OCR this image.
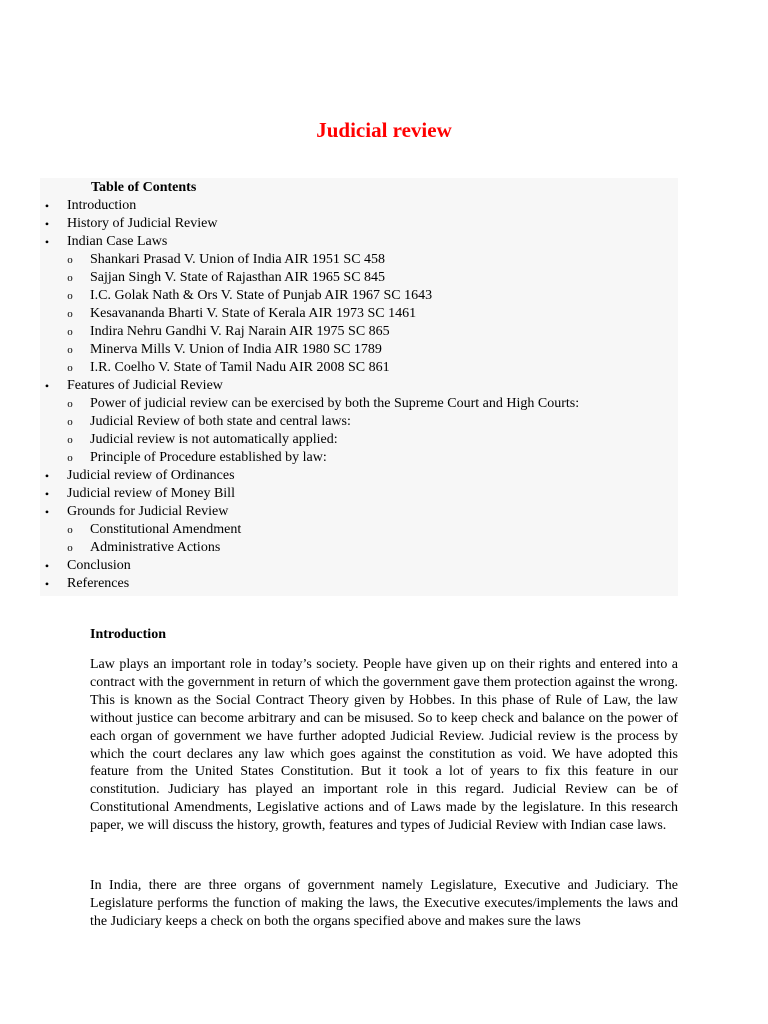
Judicial review
Table of Contents
• Introduction
• History of Judicial Review
• Indian Case Laws
o Shankari Prasad V. Union of India AIR 1951 SC 458
o Sajjan Singh V. State of Rajasthan AIR 1965 SC 845
o I.C. Golak Nath & Ors V. State of Punjab AIR 1967 SC 1643
o Kesavananda Bharti V. State of Kerala AIR 1973 SC 1461
o Indira Nehru Gandhi V. Raj Narain AIR 1975 SC 865
o Minerva Mills V. Union of India AIR 1980 SC 1789
o I.R. Coelho V. State of Tamil Nadu AIR 2008 SC 861
• Features of Judicial Review
o Power of judicial review can be exercised by both the Supreme Court and High Courts:
o Judicial Review of both state and central laws:
o Judicial review is not automatically applied:
o Principle of Procedure established by law:
• Judicial review of Ordinances
• Judicial review of Money Bill
• Grounds for Judicial Review
o Constitutional Amendment
o Administrative Actions
• Conclusion
• References
Introduction

Law plays an important role in today’s society. People have given up on their rights and entered into a contract with the government in return of which the government gave them protection against the wrong. This is known as the Social Contract Theory given by Hobbes. In this phase of Rule of Law, the law without justice can become arbitrary and can be misused. So to keep check and balance on the power of each organ of government we have further adopted Judicial Review. Judicial review is the process by which the court declares any law which goes against the constitution as void. We have adopted this feature from the United States Constitution. But it took a lot of years to fix this feature in our constitution. Judiciary has played an important role in this regard. Judicial Review can be of Constitutional Amendments, Legislative actions and of Laws made by the legislature. In this research paper, we will discuss the history, growth, features and types of Judicial Review with Indian case laws.

In India, there are three organs of government namely Legislature, Executive and Judiciary. The Legislature performs the function of making the laws, the Executive executes/implements the laws and the Judiciary keeps a check on both the organs specified above and makes sure the laws
